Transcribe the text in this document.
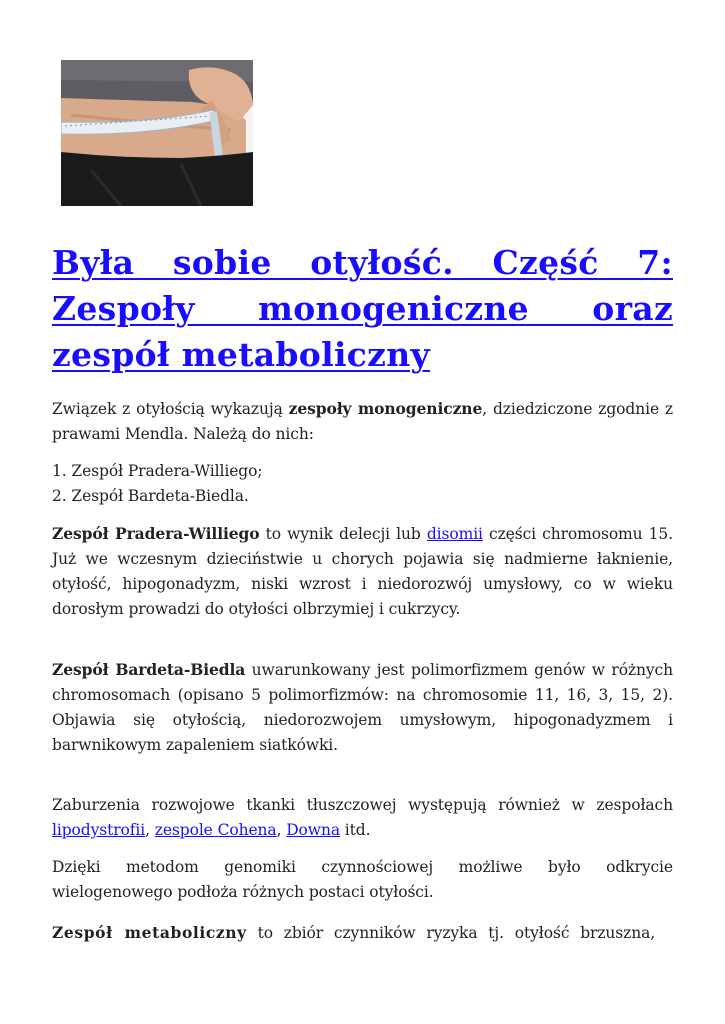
Była sobie otyłość. Część 7: Zespoły monogeniczne oraz zespół metaboliczny

Związek z otyłością wykazują zespoły monogeniczne, dziedziczone zgodnie z prawami Mendla. Należą do nich:

1. Zespół Pradera-Williego;
2. Zespół Bardeta-Biedla.

Zespół Pradera-Williego to wynik delecji lub disomii części chromosomu 15. Już we wczesnym dzieciństwie u chorych pojawia się nadmierne łaknienie, otyłość, hipogonadyzm, niski wzrost i niedorozwój umysłowy, co w wieku dorosłym prowadzi do otyłości olbrzymiej i cukrzycy.

Zespół Bardeta-Biedla uwarunkowany jest polimorfizmem genów w różnych chromosomach (opisano 5 polimorfizmów: na chromosomie 11, 16, 3, 15, 2). Objawia się otyłością, niedorozwojem umysłowym, hipogonadyzmem i barwnikowym zapaleniem siatkówki.

Zaburzenia rozwojowe tkanki tłuszczowej występują również w zespołach lipodystrofii, zespole Cohena, Downa itd.

Dzięki metodom genomiki czynnościowej możliwe było odkrycie wielogenowego podłoża różnych postaci otyłości.

Zespół metaboliczny to zbiór czynników ryzyka tj. otyłość brzuszna,
